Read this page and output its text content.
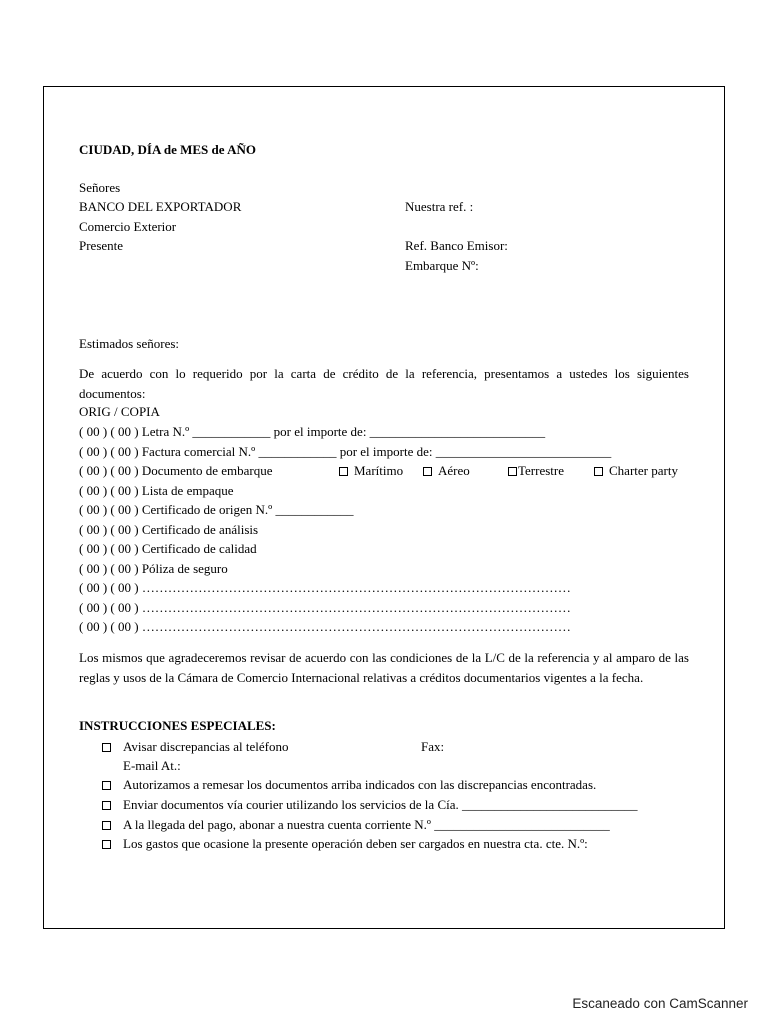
CIUDAD, DÍA de MES de AÑO
Señores
BANCO DEL EXPORTADOR
Comercio Exterior
Presente
Nuestra ref. :
Ref. Banco Emisor:
Embarque Nº:
Estimados señores:
De acuerdo con lo requerido por la carta de crédito de la referencia, presentamos a ustedes los siguientes documentos:
ORIG / COPIA
( 00 ) ( 00 ) Letra N.º ____________ por el importe de: ___________________________
( 00 ) ( 00 ) Factura comercial N.º ____________ por el importe de: ___________________________
( 00 ) ( 00 ) Documento de embarque	Marítimo	Aéreo	Terrestre	Charter party
( 00 ) ( 00 ) Lista de empaque
( 00 ) ( 00 ) Certificado de origen N.º ____________
( 00 ) ( 00 ) Certificado de análisis
( 00 ) ( 00 ) Certificado de calidad
( 00 ) ( 00 ) Póliza de seguro
( 00 ) ( 00 ) ………………………………………………………………………………………
( 00 ) ( 00 ) ………………………………………………………………………………………
( 00 ) ( 00 ) ………………………………………………………………………………………
Los mismos que agradeceremos revisar de acuerdo con las condiciones de la L/C de la referencia y al amparo de las reglas y usos de la Cámara de Comercio Internacional relativas a créditos documentarios vigentes a la fecha.
INSTRUCCIONES ESPECIALES:
Avisar discrepancias al teléfono	Fax:
E-mail At.:
Autorizamos a remesar los documentos arriba indicados con las discrepancias encontradas.
Enviar documentos vía courier utilizando los servicios de la Cía. ___________________________
A la llegada del pago, abonar a nuestra cuenta corriente N.º ___________________________
Los gastos que ocasione la presente operación deben ser cargados en nuestra cta. cte. N.º:
Escaneado con CamScanner
